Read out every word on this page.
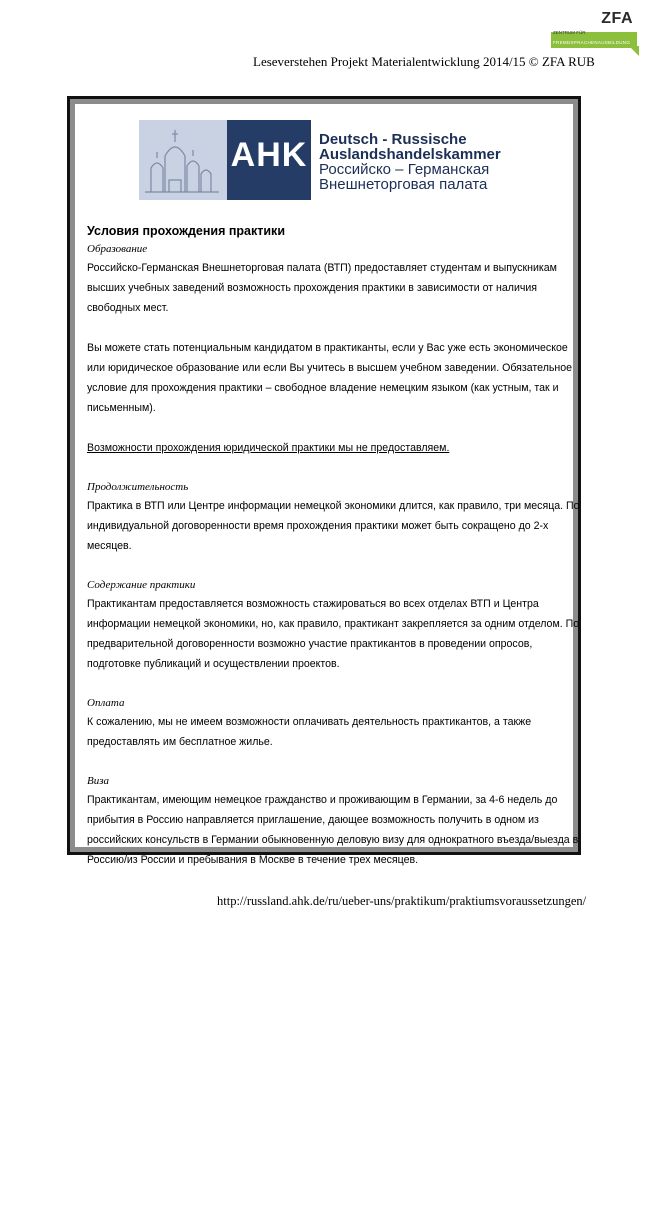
ZFA
ZENTRUM FÜR
FREMDSPRACHENAUSBILDUNG
Leseverstehen Projekt Materialentwicklung 2014/15 © ZFA RUB
AHK Deutsch - Russische
Auslandshandelskammer
Российско – Германская
Внешнеторговая палата
Условия прохождения практики
Образование

Российско-Германская Внешнеторговая палата (ВТП) предоставляет студентам и выпускникам высших учебных заведений возможность прохождения практики в зависимости от наличия свободных мест.

Вы можете стать потенциальным кандидатом в практиканты, если у Вас уже есть экономическое или юридическое образование или если Вы учитесь в высшем учебном заведении. Обязательное условие для прохождения практики – свободное владение немецким языком (как устным, так и письменным).

Возможности прохождения юридической практики мы не предоставляем.

Продолжительность

Практика в ВТП или Центре информации немецкой экономики длится, как правило, три месяца. По индивидуальной договоренности время прохождения практики может быть сокращено до 2-х месяцев.

Содержание практики

Практикантам предоставляется возможность стажироваться во всех отделах ВТП и Центра информации немецкой экономики, но, как правило, практикант закрепляется за одним отделом. По предварительной договоренности возможно участие практикантов в проведении опросов, подготовке публикаций и осуществлении проектов.

Оплата

К сожалению, мы не имеем возможности оплачивать деятельность практикантов, а также предоставлять им бесплатное жилье.

Виза

Практикантам, имеющим немецкое гражданство и проживающим в Германии, за 4-6 недель до прибытия в Россию направляется приглашение, дающее возможность получить в одном из российских консульств в Германии обыкновенную деловую визу для однократного въезда/выезда в Россию/из России и пребывания в Москве в течение трех месяцев.

http://russland.ahk.de/ru/ueber-uns/praktikum/praktiumsvoraussetzungen/
